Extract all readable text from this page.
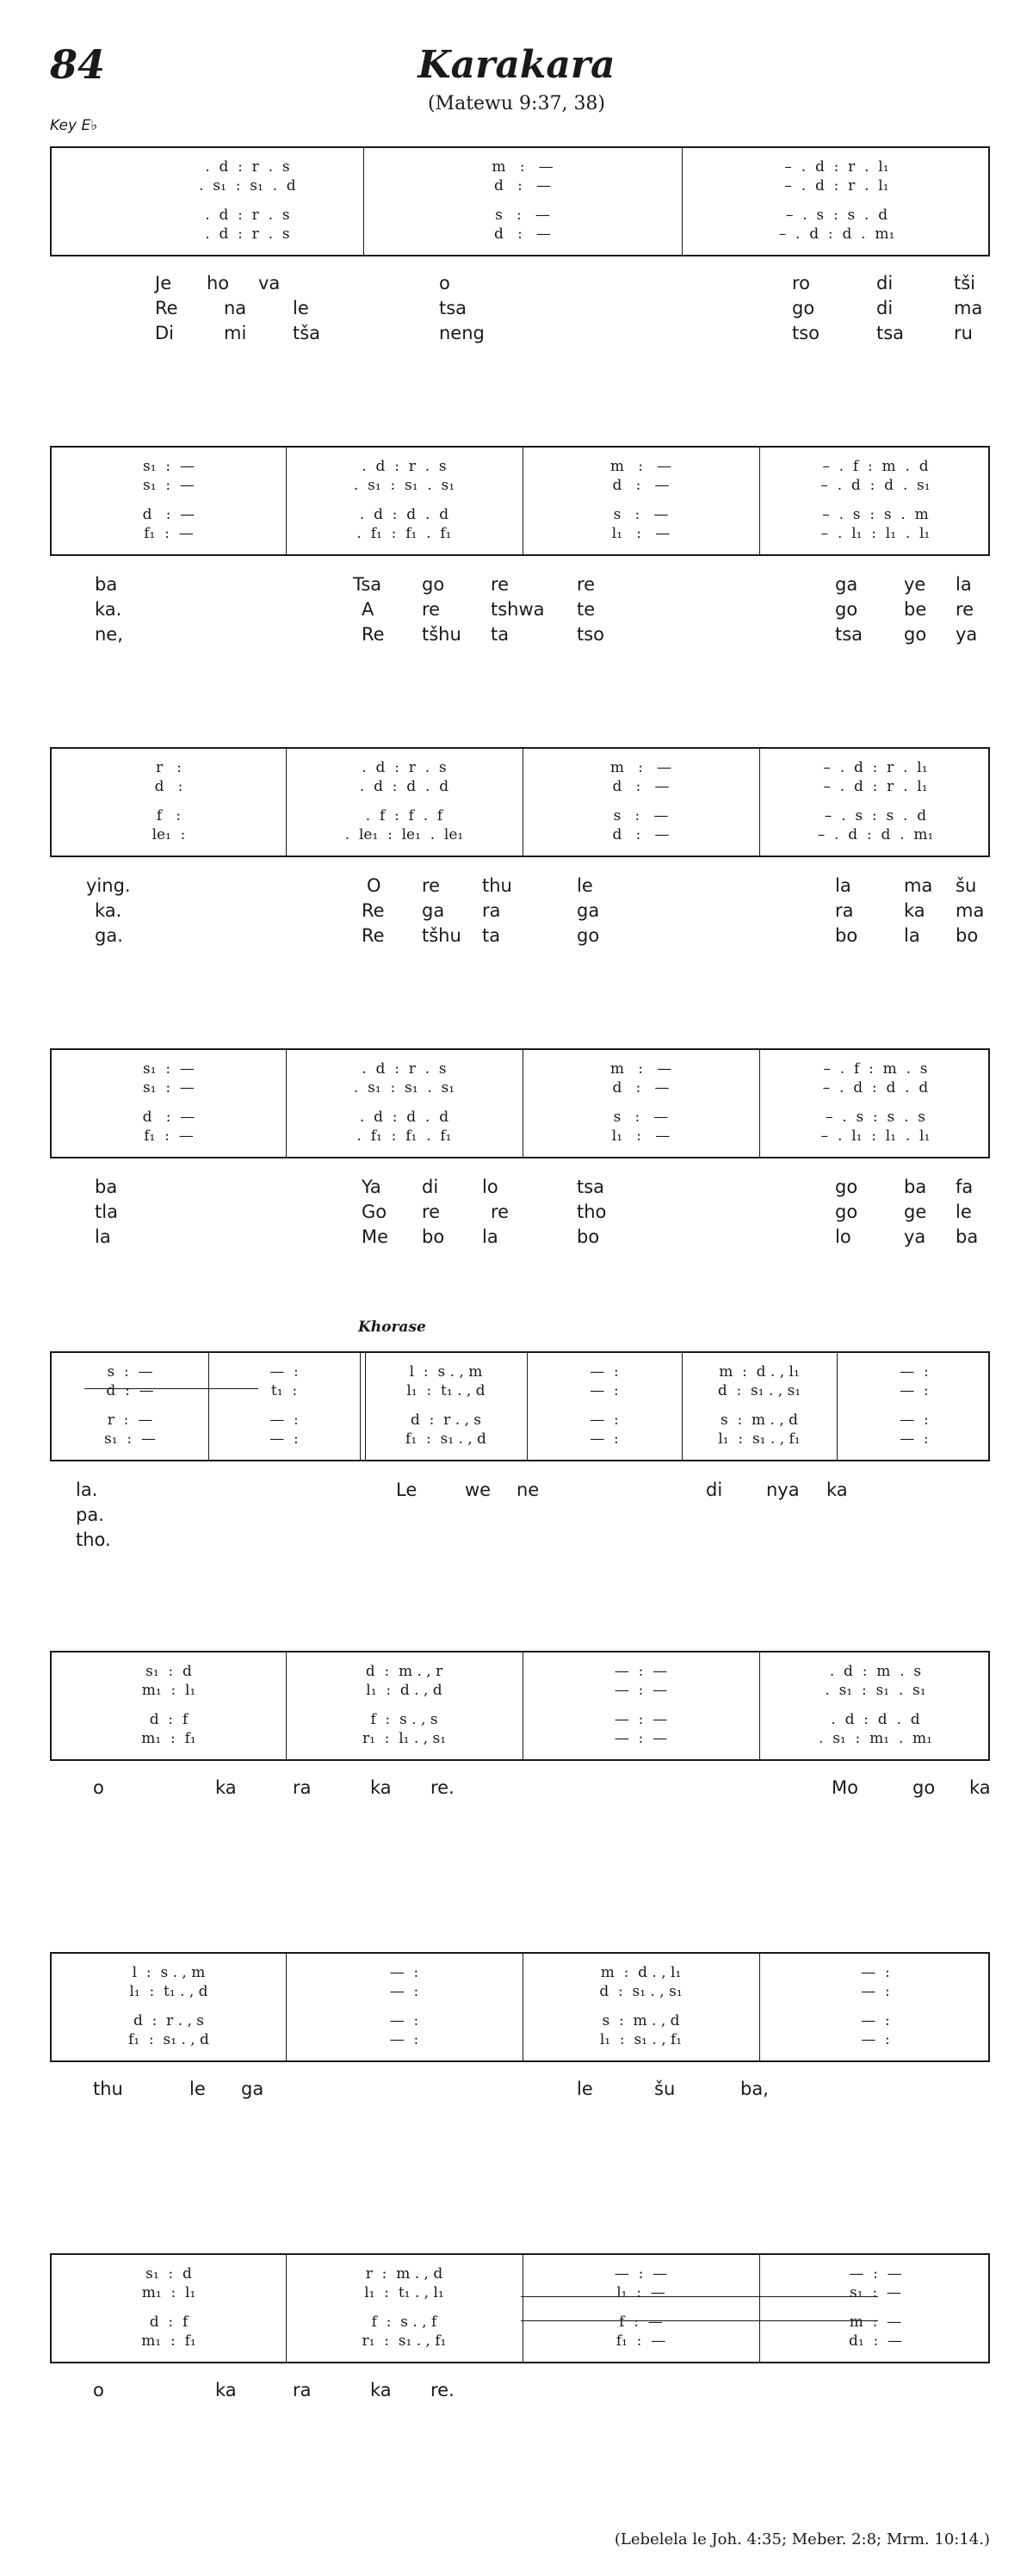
84	Karakara
(Matewu 9:37, 38)
Key E♭
Khorase
(Lebelela le Joh. 4:35; Meber. 2:8; Mrm. 10:14.)
.  d  :  r  .  s	m   :   —	–  .  d  :  r  .  l₁
.  s₁  :  s₁  .  d	d   :   —	–  .  d  :  r  .  l₁
.  d  :  r  .  s	s   :   —	–  .  s  :  s  .  d
.  d  :  r  .  s	d   :   —	–  .  d  :  d  .  m₁
Je ho va	o	ro	di	tši
Re	na	le	tsa	go	di	ma
Di	mi	tša	neng	tso	tsa	ru
s₁  :  —	.  d  :  r  .  s	m   :   —	–  .  f  :  m  .  d
s₁  :  —	.  s₁  :  s₁  .  s₁	d   :   —	–  .  d  :  d  .  s₁
d   :  —	.  d  :  d  .  d	s   :   —	–  .  s  :  s  .  m
f₁  :  —	.  f₁  :  f₁  .  f₁	l₁   :   —	–  .  l₁  :  l₁  .  l₁
ba	Tsa go	re	re	ga	ye la
ka.	A	re	tshwa te	go	be re
ne,	Re tšhu ta	tso	tsa go ya
r   :	.  d  :  r  .  s	m   :   —	–  .  d  :  r  .  l₁
d   :	.  d  :  d  .  d	d   :   —	–  .  d  :  r  .  l₁
f   :	.  f  :  f  .  f	s   :   —	–  .  s  :  s  .  d
le₁  :	.  le₁  :  le₁  .  le₁	d   :   —	–  .  d  :  d  .  m₁
ying.	O re thu	le	la	ma šu
ka.	Re ga ra	ga	ra	ka ma
ga.	Re tšhu ta	go	bo	la bo
s₁  :  —	.  d  :  r  .  s	m   :   —	–  .  f  :  m  .  s
s₁  :  —	.  s₁  :  s₁  .  s₁	d   :   —	–  .  d  :  d  .  d
d   :  —	.  d  :  d  .  d	s   :   —	–  .  s  :  s  .  s
f₁  :  —	.  f₁  :  f₁  .  f₁	l₁   :   —	–  .  l₁  :  l₁  .  l₁
ba	Ya di lo	tsa	go	ba fa
tla	Go re	re	tho	go	ge le
la	Me bo la	bo	lo	ya ba
s  :  —	—  :	l  :  s . , m	—  :	m  :  d . , l₁	—  :
d  :  —	t₁  :	l₁  :  t₁ . , d	—  :	d  :  s₁ . , s₁	—  :
r  :  —	—  :	d  :  r . , s	—  :	s  :  m . , d	—  :
s₁  :  —	—  :	f₁  :  s₁ . , d	—  :	l₁  :  s₁ . , f₁	—  :
la.	Le	we ne	di nya ka
pa.
tho.
s₁  :  d	d  :  m . , r	—  :  —	.  d  :  m  .  s
m₁  :  l₁	l₁  :  d . , d	—  :  —	.  s₁  :  s₁  .  s₁
d  :  f	f  :  s . , s	—  :  —	.  d  :  d  .  d
m₁  :  f₁	r₁  :  l₁ . , s₁	—  :  —	.  s₁  :  m₁  .  m₁
o	ka	ra	ka re.	Mo	go ka
l  :  s . , m	—  :	m  :  d . , l₁	—  :
l₁  :  t₁ . , d	—  :	d  :  s₁ . , s₁	—  :
d  :  r . , s	—  :	s  :  m . , d	—  :
f₁  :  s₁ . , d	—  :	l₁  :  s₁ . , f₁	—  :
thu	le ga	le	šu	ba,
s₁  :  d	r  :  m . , d	—  :  —	—  :  —
m₁  :  l₁	l₁  :  t₁ . , l₁	l₁  :  —	s₁  :  —
d  :  f	f  :  s . , f	f  :  —	m  :  —
m₁  :  f₁	r₁  :  s₁ . , f₁	f₁  :  —	d₁  :  —
o	ka	ra	ka re.
